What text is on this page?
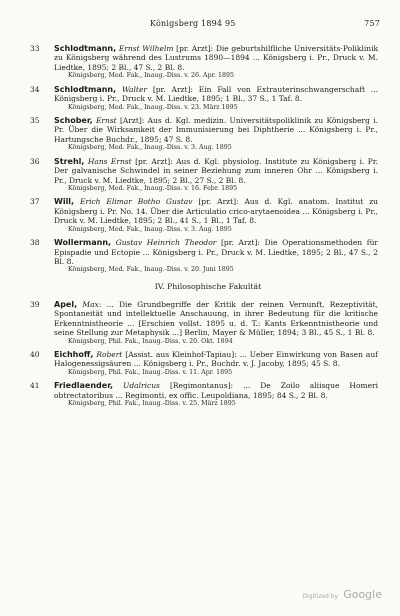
Königsberg 1894 95	757
33 Schlodtmann, Ernst Wilhelm [pr. Arzt]: Die geburtshilfliche Universitäts-Poliklinik zu Königsberg während des Lustrums 1890—1894 ... Königsberg i. Pr., Druck v. M. Liedtke, 1895; 2 Bl., 47 S., 2 Bl. 8.
Königsberg, Med. Fak., Inaug.-Diss. v. 26. Apr. 1895
34 Schlodtmann, Walter [pr. Arzt]: Ein Fall von Extrauterinschwangerschaft ... Königsberg i. Pr., Druck v. M. Liedtke, 1895; 1 Bl., 37 S., 1 Taf. 8.
Königsberg, Med. Fak., Inaug.-Diss. v. 23. März 1895
35 Schober, Ernst [Arzt]: Aus d. Kgl. medizin. Universitätspoliklinik zu Königsberg i. Pr. Über die Wirksamkeit der Immunisierung bei Diphtherie ... Königsberg i. Pr., Hartungsche Buchdr., 1895; 47 S. 8.
Königsberg, Med. Fak., Inaug.-Diss. v. 3. Aug. 1895
36 Strehl, Hans Ernst [pr. Arzt]: Aus d. Kgl. physiolog. Institute zu Königsberg i. Pr. Der galvanische Schwindel in seiner Beziehung zum inneren Ohr ... Königsberg i. Pr., Druck v. M. Liedtke, 1895; 2 Bl., 27 S., 2 Bl. 8.
Königsberg, Med. Fak., Inaug.-Diss. v. 16. Febr. 1895
37 Will, Erich Elimar Botho Gustav [pr. Arzt]: Aus d. Kgl. anatom. Institut zu Königsberg i. Pr. No. 14. Über die Articulatio crico-arytaenoidea ... Königsberg i. Pr., Druck v. M. Liedtke, 1895; 2 Bl., 41 S., 1 Bl., 1 Taf. 8.
Königsberg, Med. Fak., Inaug.-Diss. v. 3. Aug. 1895
38 Wollermann, Gustav Heinrich Theodor [pr. Arzt]: Die Operationsmethoden für Epispadie und Ectopie ... Königsberg i. Pr., Druck v. M. Liedtke, 1895; 2 Bl., 47 S., 2 Bl. 8.
Königsberg, Med. Fak., Inaug.-Diss. v. 20. Juni 1895
IV. Philosophische Fakultät
39 Apel, Max: ... Die Grundbegriffe der Kritik der reinen Vernunft, Rezeptivität, Spontaneität und intellektuelle Anschauung, in ihrer Bedeutung für die kritische Erkenntnistheorie ... [Erschien vollst. 1895 u. d. T.: Kants Erkenntnistheorie und seine Stellung zur Metaphysik ...] Berlin, Mayer & Müller, 1894; 3 Bl., 45 S., 1 Bl. 8.
Königsberg, Phil. Fak., Inaug.-Diss. v. 20. Okt. 1894
40 Eichhoff, Robert [Assist. aus Kleinhof-Tapiau]: ... Ueber Einwirkung von Basen auf Halogenessigsäuren ... Königsberg i. Pr., Buchdr. v. J. Jacoby, 1895; 45 S. 8.
Königsberg, Phil. Fak., Inaug.-Diss. v. 11. Apr. 1895
41 Friedlaender, Udalricus [Regimontanus]: ... De Zoilo aliisque Homeri obtrectatoribus ... Regimonti, ex offic. Leupoldiana, 1895; 84 S., 2 Bl. 8.
Königsberg, Phil. Fak., Inaug.-Diss. v. 25. März 1895
Digitized by Google
